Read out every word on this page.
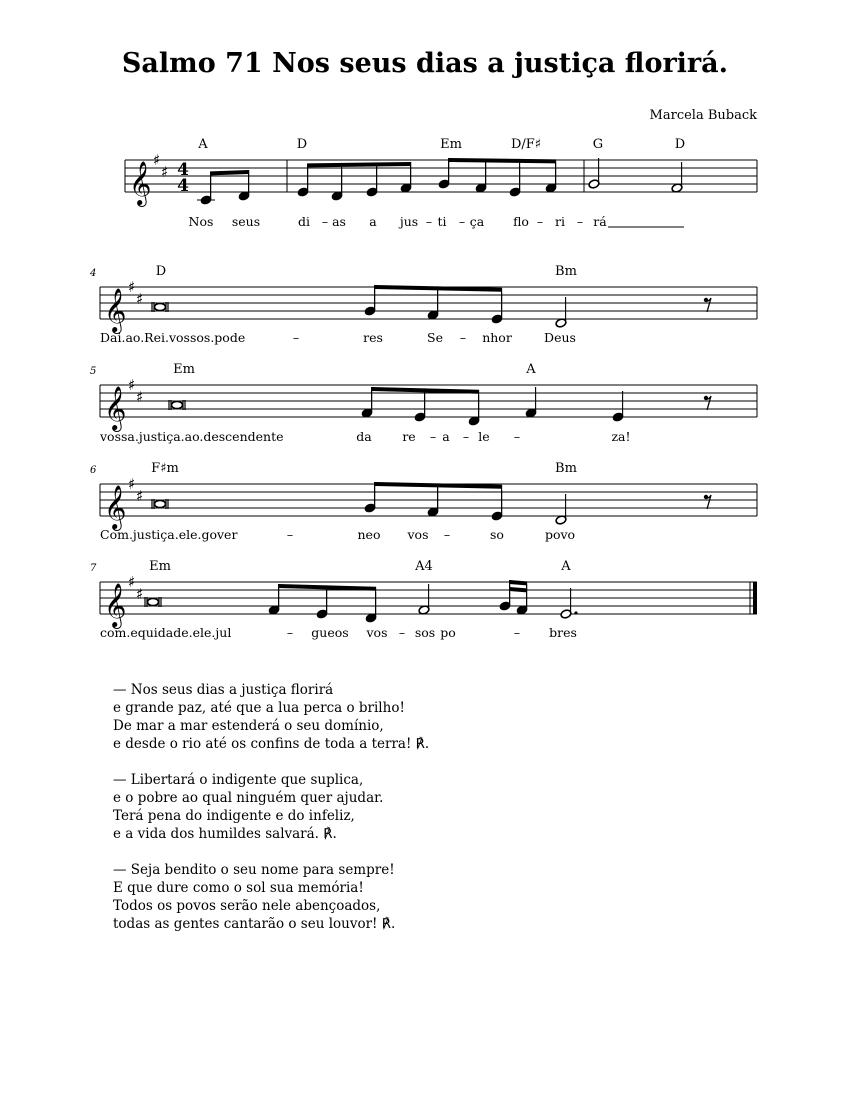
Salmo 71 Nos seus dias a justiça florirá.
Marcela Buback
𝄞
♯
♯ 4
4
A	D	Em	D/F♯	G	D
Nos seus	di – as a jus – ti – ça flo – ri – rá
𝄞
♯
♯
4	D	Bm
Dai.ao.Rei.vossos.pode	–	res	Se – nhor	Deus
𝄞
♯
♯
5	Em	A
vossa.justiça.ao.descendente	da re – a – le –	za!
𝄞
♯
♯
6	F♯m	Bm
Com.justiça.ele.gover	–	neo vos –	so	povo
𝄞
♯
♯
7	Em	A4	A
com.equidade.ele.jul	– gueos vos – sos po	– bres
— Nos seus dias a justiça florirá
e grande paz, até que a lua perca o brilho!
De mar a mar estenderá o seu domínio,
e desde o rio até os confins de toda a terra! ℟.
— Libertará o indigente que suplica,
e o pobre ao qual ninguém quer ajudar.
Terá pena do indigente e do infeliz,
e a vida dos humildes salvará. ℟.
— Seja bendito o seu nome para sempre!
E que dure como o sol sua memória!
Todos os povos serão nele abençoados,
todas as gentes cantarão o seu louvor! ℟.
